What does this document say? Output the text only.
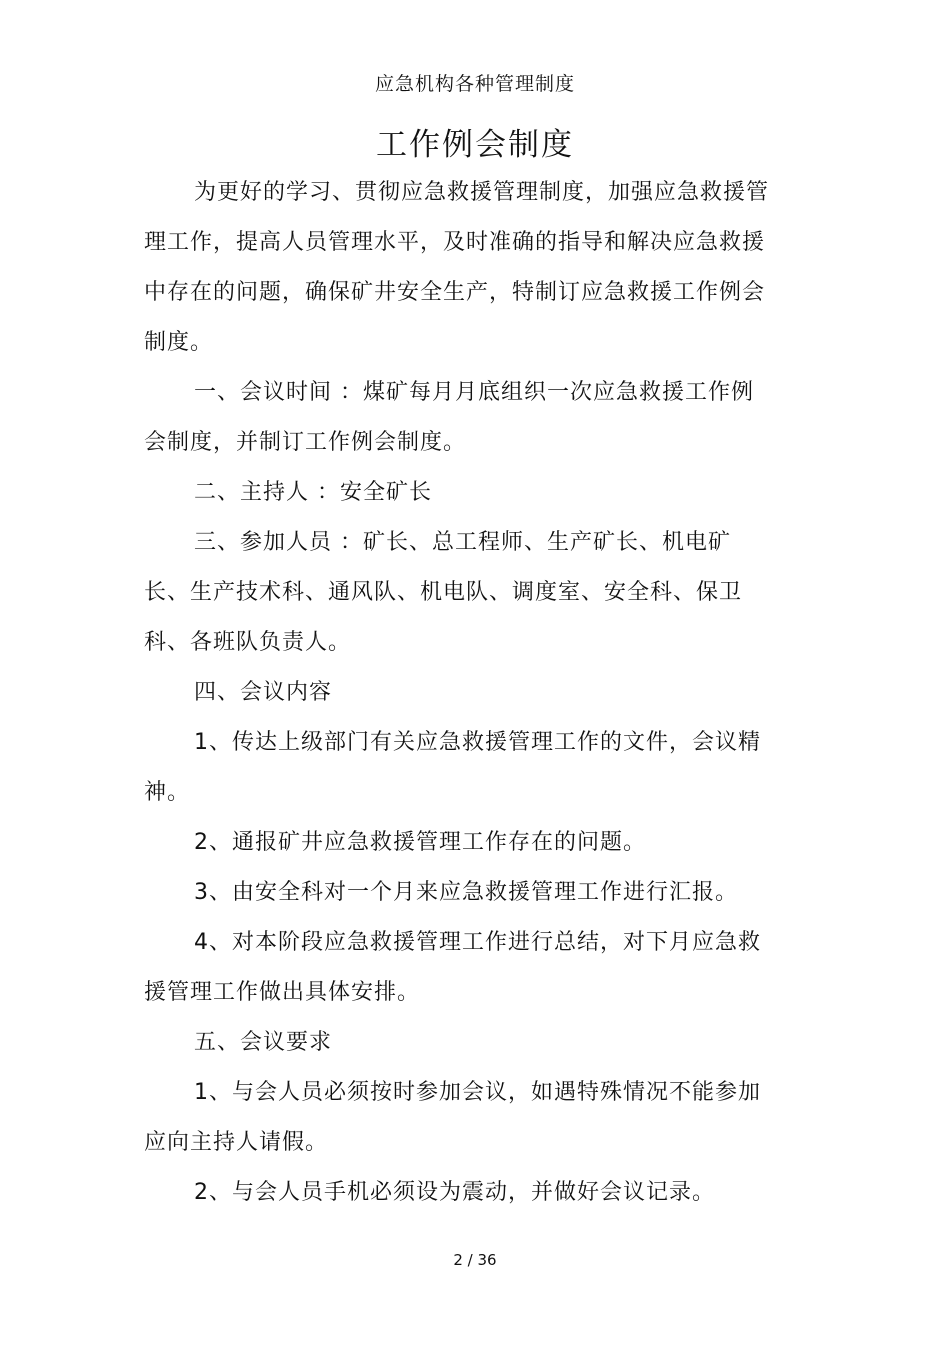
应急机构各种管理制度
工作例会制度

为更好的学习、贯彻应急救援管理制度，加强应急救援管理工作，提高人员管理水平，及时准确的指导和解决应急救援中存在的问题，确保矿井安全生产，特制订应急救援工作例会制度。

一、会议时间 ：煤矿每月月底组织一次应急救援工作例会制度，并制订工作例会制度。

二、主持人 ：安全矿长

三、参加人员 ：矿长、总工程师、生产矿长、机电矿长、生产技术科、通风队、机电队、调度室、安全科、保卫科、各班队负责人。

四、会议内容

1、传达上级部门有关应急救援管理工作的文件，会议精神。

2、通报矿井应急救援管理工作存在的问题。

3、由安全科对一个月来应急救援管理工作进行汇报。

4、对本阶段应急救援管理工作进行总结，对下月应急救援管理工作做出具体安排。

五、会议要求

1、与会人员必须按时参加会议，如遇特殊情况不能参加应向主持人请假。

2、与会人员手机必须设为震动，并做好会议记录。

2 / 36
